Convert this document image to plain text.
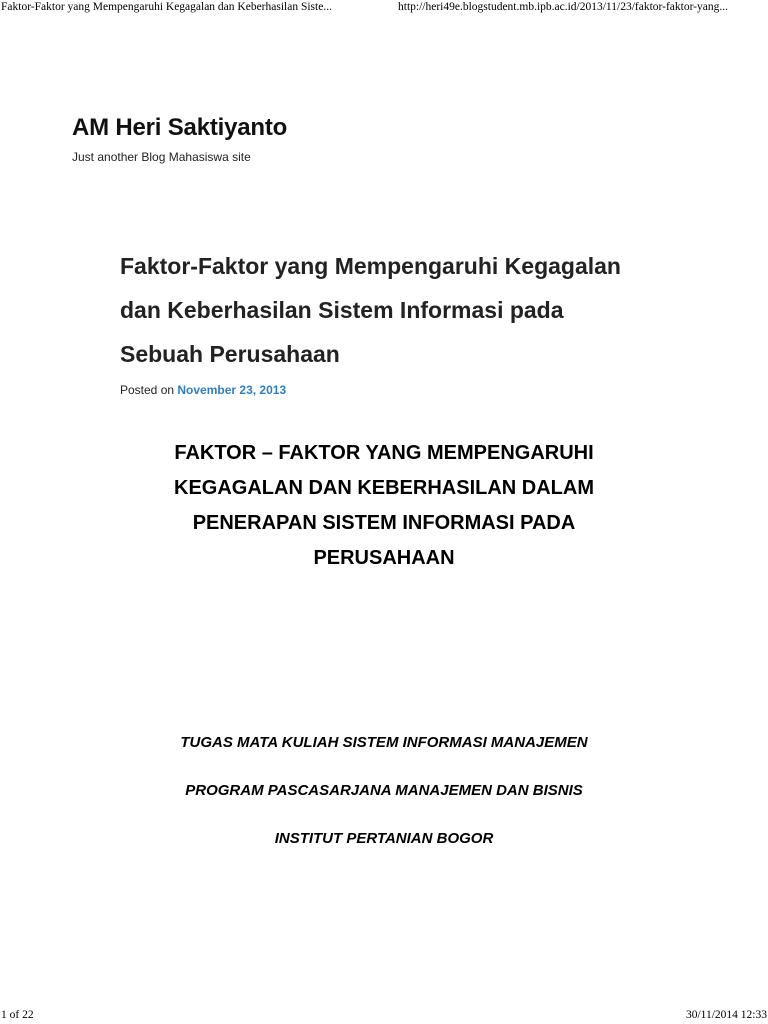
Faktor-Faktor yang Mempengaruhi Kegagalan dan Keberhasilan Siste...	http://heri49e.blogstudent.mb.ipb.ac.id/2013/11/23/faktor-faktor-yang...
AM Heri Saktiyanto
Just another Blog Mahasiswa site
Faktor-Faktor yang Mempengaruhi Kegagalan dan Keberhasilan Sistem Informasi pada Sebuah Perusahaan
Posted on November 23, 2013
FAKTOR – FAKTOR YANG MEMPENGARUHI KEGAGALAN DAN KEBERHASILAN DALAM PENERAPAN SISTEM INFORMASI PADA PERUSAHAAN

TUGAS MATA KULIAH SISTEM INFORMASI MANAJEMEN

PROGRAM PASCASARJANA MANAJEMEN DAN BISNIS

INSTITUT PERTANIAN BOGOR

1 of 22	30/11/2014 12:33
